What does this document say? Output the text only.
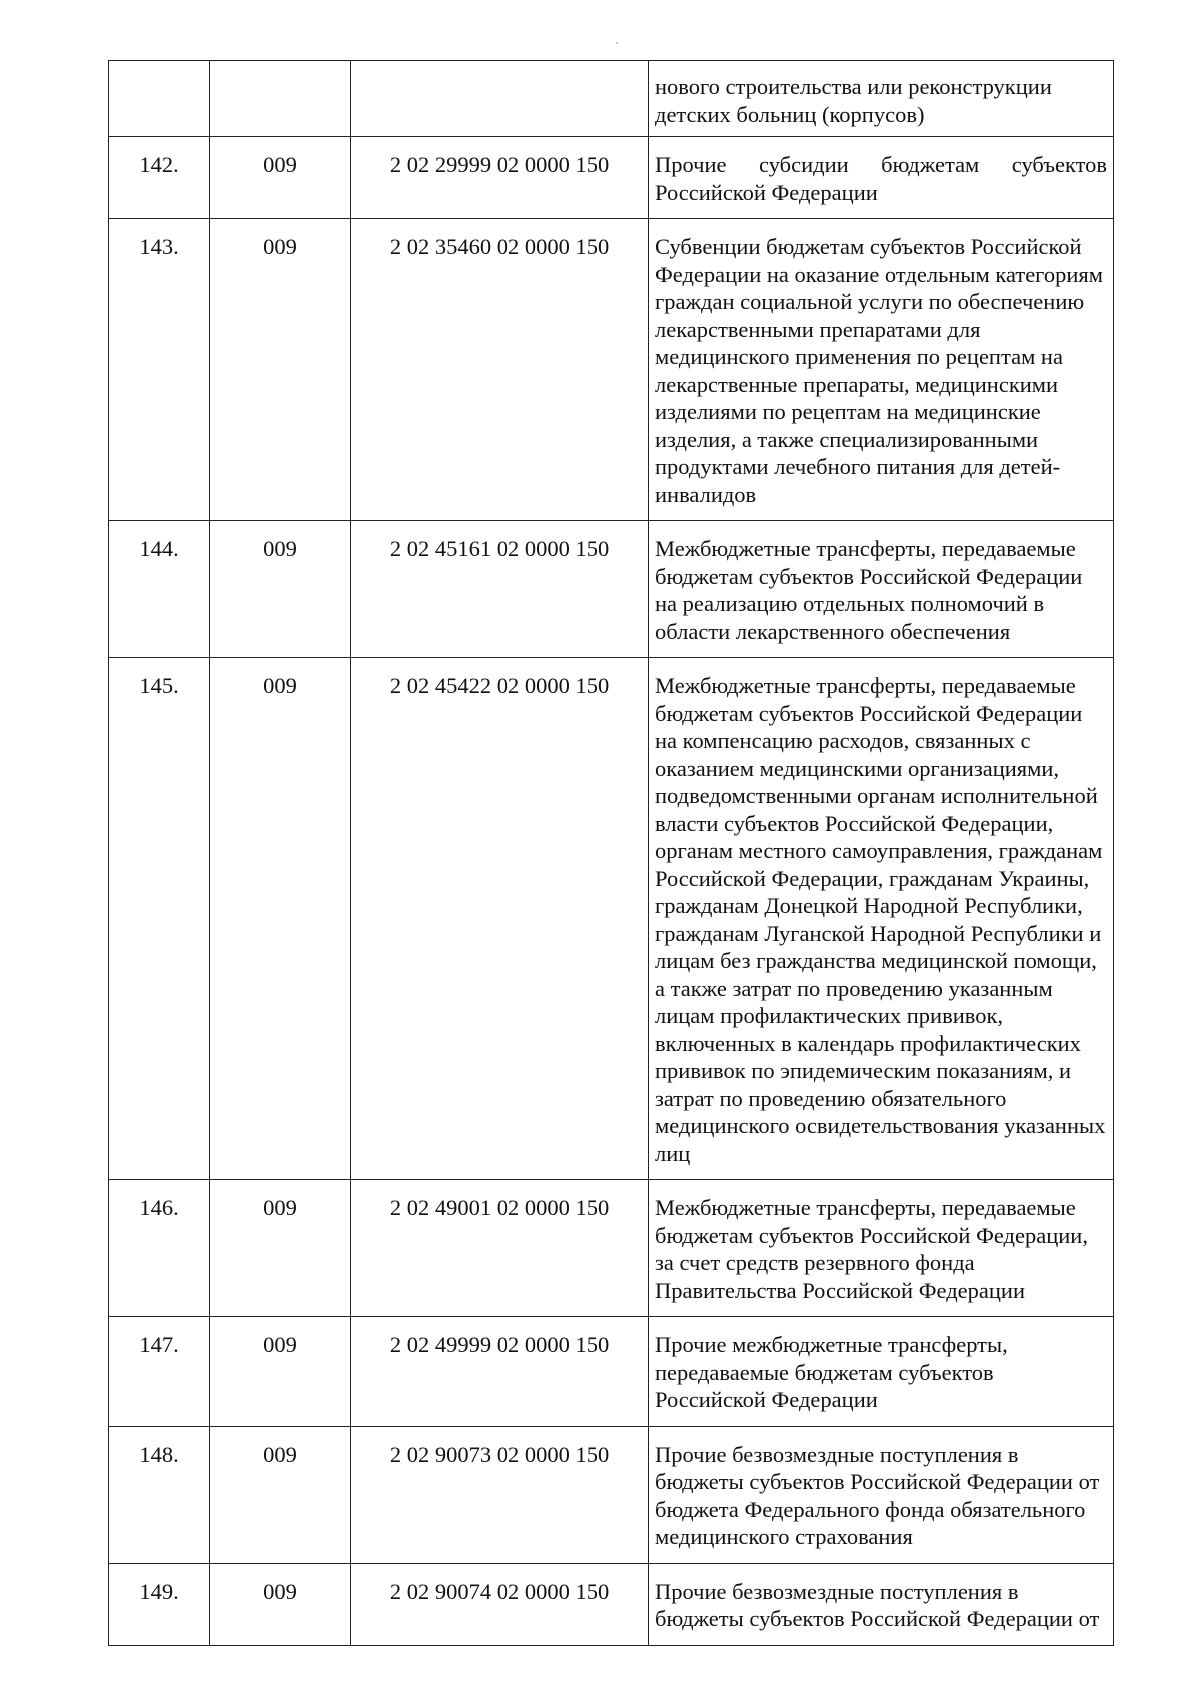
			нового строительства или реконструкции детских больниц (корпусов)
142.	009	2 02 29999 02 0000 150	Прочие субсидии бюджетам субъектов Российской Федерации
143.	009	2 02 35460 02 0000 150	Субвенции бюджетам субъектов Российской Федерации на оказание отдельным категориям граждан социальной услуги по обеспечению лекарственными препаратами для медицинского применения по рецептам на лекарственные препараты, медицинскими изделиями по рецептам на медицинские изделия, а также специализированными продуктами лечебного питания для детей-инвалидов
144.	009	2 02 45161 02 0000 150	Межбюджетные трансферты, передаваемые бюджетам субъектов Российской Федерации на реализацию отдельных полномочий в области лекарственного обеспечения
145.	009	2 02 45422 02 0000 150	Межбюджетные трансферты, передаваемые бюджетам субъектов Российской Федерации на компенсацию расходов, связанных с оказанием медицинскими организациями, подведомственными органам исполнительной власти субъектов Российской Федерации, органам местного самоуправления, гражданам Российской Федерации, гражданам Украины, гражданам Донецкой Народной Республики, гражданам Луганской Народной Республики и лицам без гражданства медицинской помощи, а также затрат по проведению указанным лицам профилактических прививок, включенных в календарь профилактических прививок по эпидемическим показаниям, и затрат по проведению обязательного медицинского освидетельствования указанных лиц
146.	009	2 02 49001 02 0000 150	Межбюджетные трансферты, передаваемые бюджетам субъектов Российской Федерации, за счет средств резервного фонда Правительства Российской Федерации
147.	009	2 02 49999 02 0000 150	Прочие межбюджетные трансферты, передаваемые бюджетам субъектов Российской Федерации
148.	009	2 02 90073 02 0000 150	Прочие безвозмездные поступления в бюджеты субъектов Российской Федерации от бюджета Федерального фонда обязательного медицинского страхования
149.	009	2 02 90074 02 0000 150	Прочие безвозмездные поступления в бюджеты субъектов Российской Федерации от
